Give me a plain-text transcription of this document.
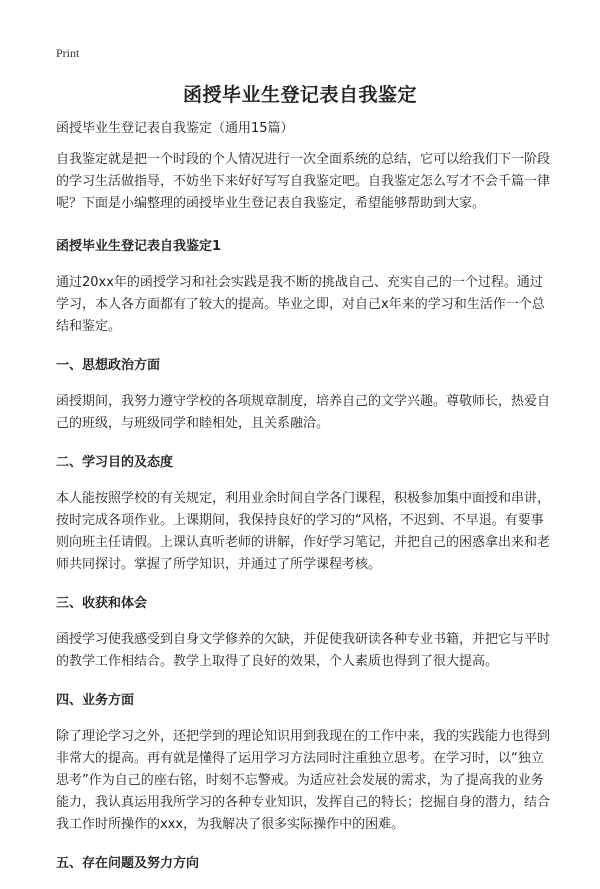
Print
函授毕业生登记表自我鉴定

函授毕业生登记表自我鉴定（通用15篇）

自我鉴定就是把一个时段的个人情况进行一次全面系统的总结，它可以给我们下一阶段的学习生活做指导，不妨坐下来好好写写自我鉴定吧。自我鉴定怎么写才不会千篇一律呢？下面是小编整理的函授毕业生登记表自我鉴定，希望能够帮助到大家。

函授毕业生登记表自我鉴定1

通过20xx年的函授学习和社会实践是我不断的挑战自己、充实自己的一个过程。通过学习，本人各方面都有了较大的提高。毕业之即，对自己x年来的学习和生活作一个总结和鉴定。

一、思想政治方面

函授期间，我努力遵守学校的各项规章制度，培养自己的文学兴趣。尊敬师长，热爱自己的班级，与班级同学和睦相处，且关系融洽。

二、学习目的及态度

本人能按照学校的有关规定，利用业余时间自学各门课程，积极参加集中面授和串讲，按时完成各项作业。上课期间，我保持良好的学习的“风格，不迟到、不早退。有要事则向班主任请假。上课认真听老师的讲解，作好学习笔记，并把自己的困惑拿出来和老师共同探讨。掌握了所学知识，并通过了所学课程考核。

三、收获和体会

函授学习使我感受到自身文学修养的欠缺，并促使我研读各种专业书籍，并把它与平时的教学工作相结合。教学上取得了良好的效果，个人素质也得到了很大提高。

四、业务方面

除了理论学习之外，还把学到的理论知识用到我现在的工作中来，我的实践能力也得到非常大的提高。再有就是懂得了运用学习方法同时注重独立思考。在学习时，以“独立思考”作为自己的座右铭，时刻不忘警戒。为适应社会发展的需求，为了提高我的业务能力，我认真运用我所学习的各种专业知识，发挥自己的特长；挖掘自身的潜力，结合我工作时所操作的xxx，为我解决了很多实际操作中的困难。

五、存在问题及努力方向
